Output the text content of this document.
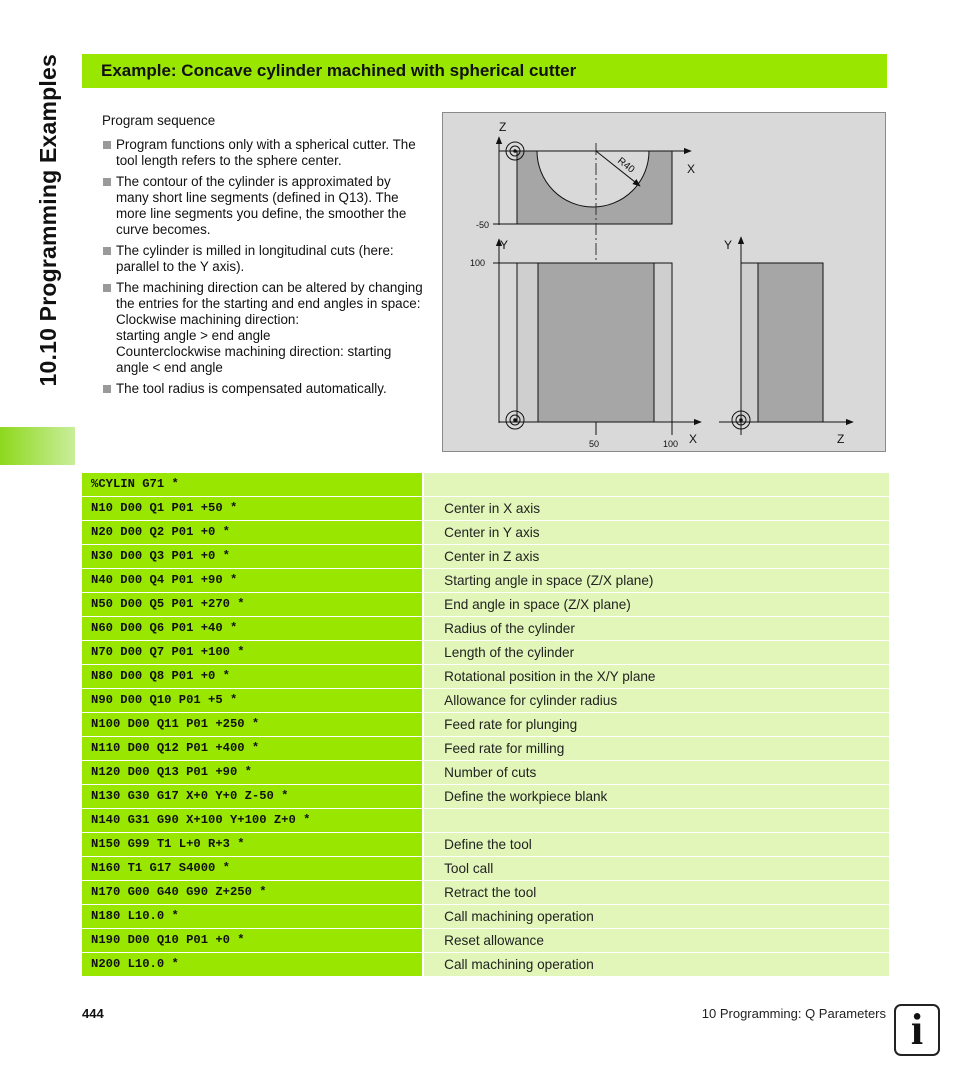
10.10 Programming Examples Example: Concave cylinder machined with spherical cutter

Program sequence

Program functions only with a spherical cutter. The tool length refers to the sphere center.
The contour of the cylinder is approximated by many short line segments (defined in Q13). The more line segments you define, the smoother the curve becomes.
The cylinder is milled in longitudinal cuts (here: parallel to the Y axis).
The machining direction can be altered by changing the entries for the starting and end angles in space:
Clockwise machining direction:
starting angle > end angle
Counterclockwise machining direction: starting angle < end angle
The tool radius is compensated automatically.
R40
Z
X
-50
Y
X
100
50	100
Y
Z
%CYLIN G71 *
N10 D00 Q1 P01 +50 *	Center in X axis
N20 D00 Q2 P01 +0 *	Center in Y axis
N30 D00 Q3 P01 +0 *	Center in Z axis
N40 D00 Q4 P01 +90 *	Starting angle in space (Z/X plane)
N50 D00 Q5 P01 +270 *	End angle in space (Z/X plane)
N60 D00 Q6 P01 +40 *	Radius of the cylinder
N70 D00 Q7 P01 +100 *	Length of the cylinder
N80 D00 Q8 P01 +0 *	Rotational position in the X/Y plane
N90 D00 Q10 P01 +5 *	Allowance for cylinder radius
N100 D00 Q11 P01 +250 *	Feed rate for plunging
N110 D00 Q12 P01 +400 *	Feed rate for milling
N120 D00 Q13 P01 +90 *	Number of cuts
N130 G30 G17 X+0 Y+0 Z-50 *	Define the workpiece blank
N140 G31 G90 X+100 Y+100 Z+0 *
N150 G99 T1 L+0 R+3 *	Define the tool
N160 T1 G17 S4000 *	Tool call
N170 G00 G40 G90 Z+250 *	Retract the tool
N180 L10.0 *	Call machining operation
N190 D00 Q10 P01 +0 *	Reset allowance
N200 L10.0 *	Call machining operation
444	10 Programming: Q Parameters i
